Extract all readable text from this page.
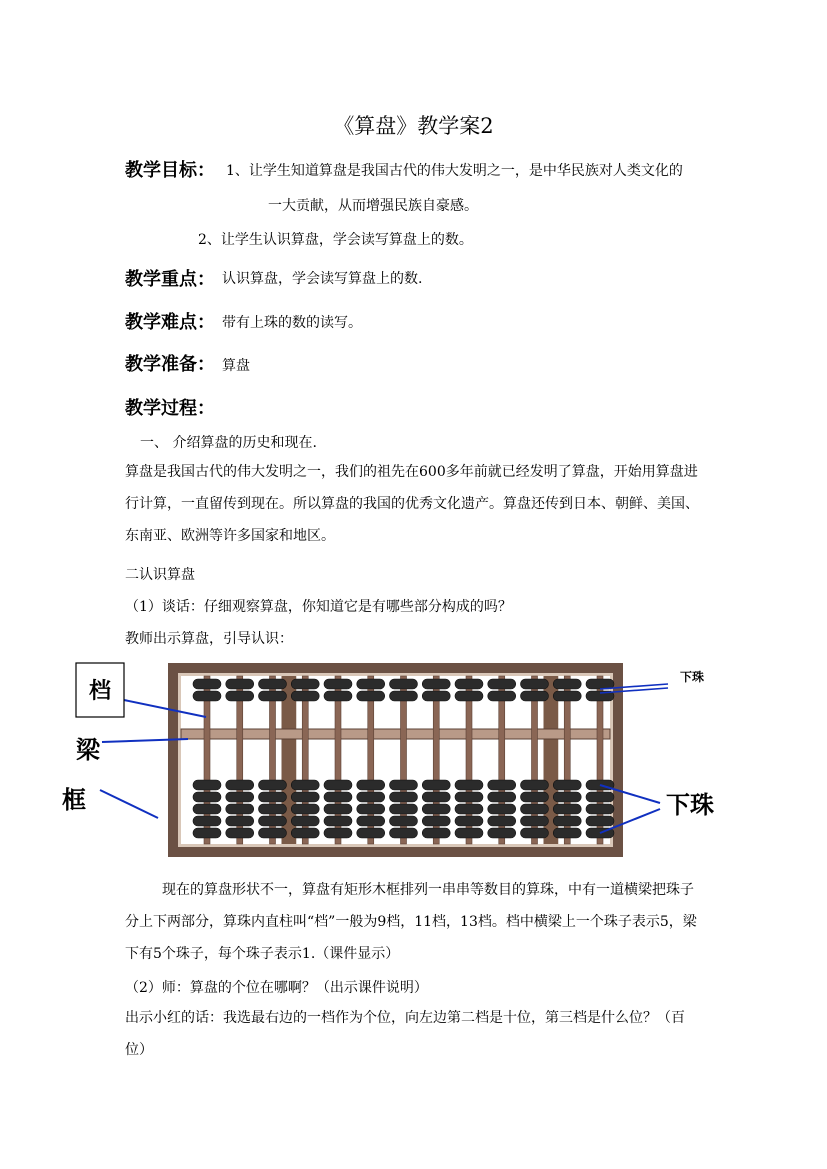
《算盘》教学案2
教学目标： 1、让学生知道算盘是我国古代的伟大发明之一，是中华民族对人类文化的
一大贡献，从而增强民族自豪感。
2、让学生认识算盘，学会读写算盘上的数。
教学重点： 认识算盘，学会读写算盘上的数.
教学难点： 带有上珠的数的读写。
教学准备： 算盘
教学过程：
一、 介绍算盘的历史和现在.
算盘是我国古代的伟大发明之一，我们的祖先在600多年前就已经发明了算盘，开始用算盘进行计算，一直留传到现在。所以算盘的我国的优秀文化遗产。算盘还传到日本、朝鲜、美国、东南亚、欧洲等许多国家和地区。
二认识算盘
（1）谈话：仔细观察算盘，你知道它是有哪些部分构成的吗？
教师出示算盘，引导认识：
档
梁
框
下珠
下珠
现在的算盘形状不一，算盘有矩形木框排列一串串等数目的算珠，中有一道横梁把珠子分上下两部分，算珠内直柱叫“档”一般为9档，11档，13档。档中横梁上一个珠子表示5，梁下有5个珠子，每个珠子表示1.（课件显示）
（2）师：算盘的个位在哪啊？（出示课件说明）
出示小红的话：我选最右边的一档作为个位，向左边第二档是十位，第三档是什么位？（百位）
